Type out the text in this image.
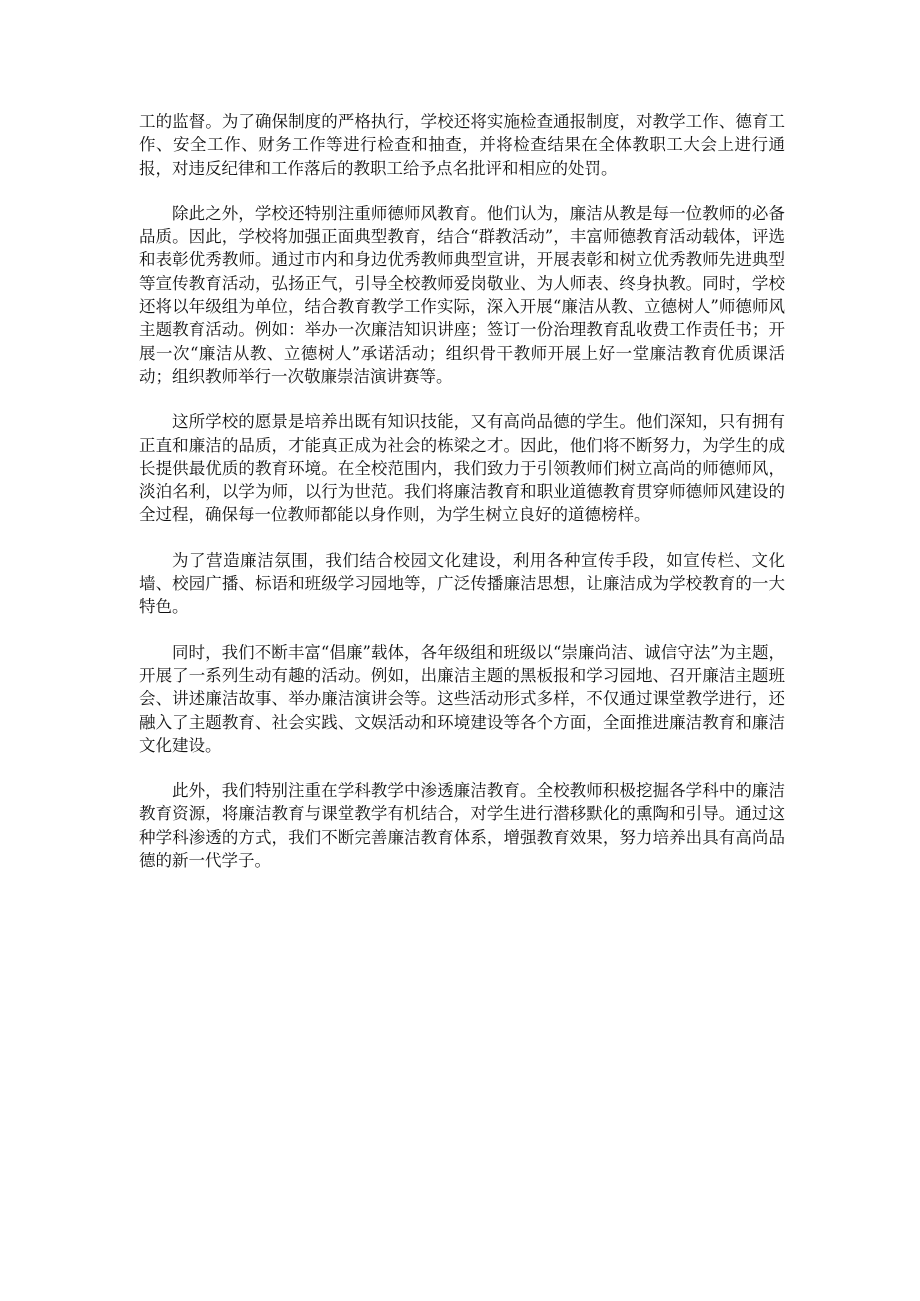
工的监督。为了确保制度的严格执行，学校还将实施检查通报制度，对教学工作、德育工作、安全工作、财务工作等进行检查和抽查，并将检查结果在全体教职工大会上进行通报，对违反纪律和工作落后的教职工给予点名批评和相应的处罚。

除此之外，学校还特别注重师德师风教育。他们认为，廉洁从教是每一位教师的必备品质。因此，学校将加强正面典型教育，结合“群教活动”，丰富师德教育活动载体，评选和表彰优秀教师。通过市内和身边优秀教师典型宣讲，开展表彰和树立优秀教师先进典型等宣传教育活动，弘扬正气，引导全校教师爱岗敬业、为人师表、终身执教。同时，学校还将以年级组为单位，结合教育教学工作实际，深入开展“廉洁从教、立德树人”师德师风主题教育活动。例如：举办一次廉洁知识讲座；签订一份治理教育乱收费工作责任书；开展一次“廉洁从教、立德树人”承诺活动；组织骨干教师开展上好一堂廉洁教育优质课活动；组织教师举行一次敬廉崇洁演讲赛等。

这所学校的愿景是培养出既有知识技能，又有高尚品德的学生。他们深知，只有拥有正直和廉洁的品质，才能真正成为社会的栋梁之才。因此，他们将不断努力，为学生的成长提供最优质的教育环境。在全校范围内，我们致力于引领教师们树立高尚的师德师风，淡泊名利，以学为师，以行为世范。我们将廉洁教育和职业道德教育贯穿师德师风建设的全过程，确保每一位教师都能以身作则，为学生树立良好的道德榜样。

为了营造廉洁氛围，我们结合校园文化建设，利用各种宣传手段，如宣传栏、文化墙、校园广播、标语和班级学习园地等，广泛传播廉洁思想，让廉洁成为学校教育的一大特色。

同时，我们不断丰富“倡廉”载体，各年级组和班级以“崇廉尚洁、诚信守法”为主题，开展了一系列生动有趣的活动。例如，出廉洁主题的黑板报和学习园地、召开廉洁主题班会、讲述廉洁故事、举办廉洁演讲会等。这些活动形式多样，不仅通过课堂教学进行，还融入了主题教育、社会实践、文娱活动和环境建设等各个方面，全面推进廉洁教育和廉洁文化建设。

此外，我们特别注重在学科教学中渗透廉洁教育。全校教师积极挖掘各学科中的廉洁教育资源，将廉洁教育与课堂教学有机结合，对学生进行潜移默化的熏陶和引导。通过这种学科渗透的方式，我们不断完善廉洁教育体系，增强教育效果，努力培养出具有高尚品德的新一代学子。
